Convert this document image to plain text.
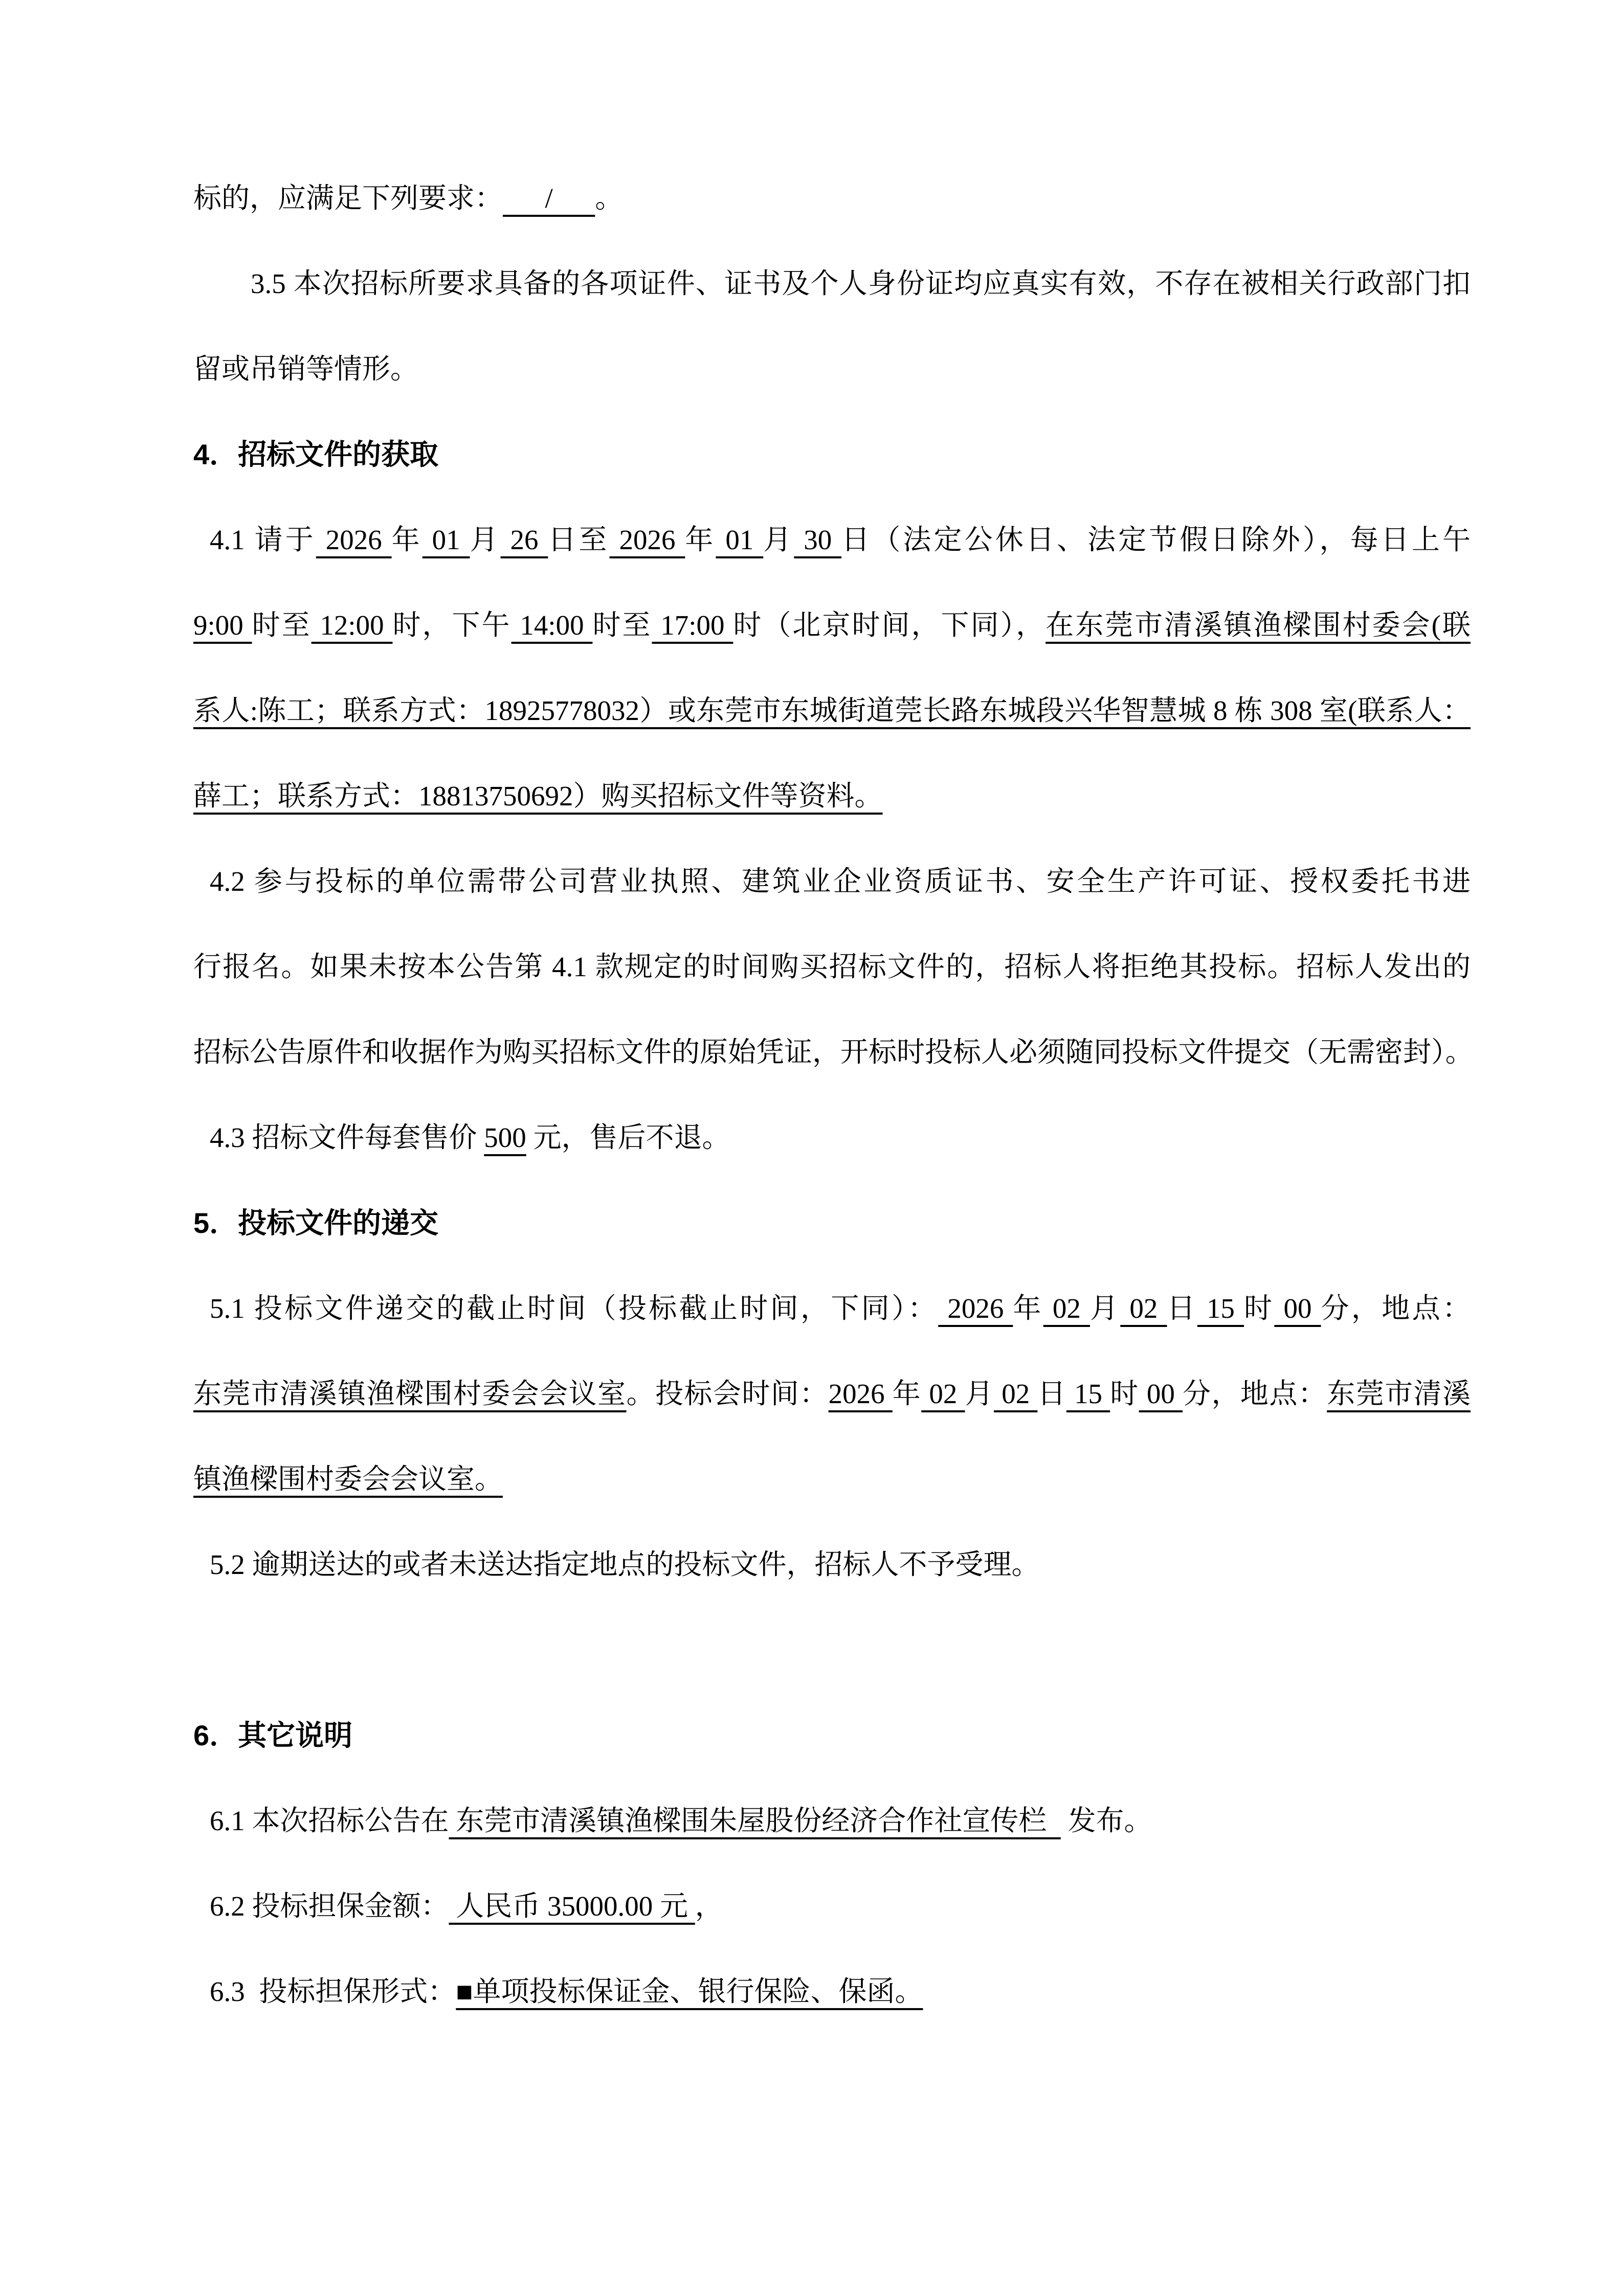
标的，应满足下列要求：      /      。
3.5 本次招标所要求具备的各项证件、证书及个人身份证均应真实有效，不存在被相关行政部门扣
留或吊销等情形。
4．招标文件的获取
4.1 请于 2026 年 01 月 26 日至 2026 年 01 月 30 日（法定公休日、法定节假日除外），每日上午
9:00 时至 12:00 时，下午 14:00 时至 17:00 时（北京时间，下同），在东莞市清溪镇渔樑围村委会(联
系人:陈工；联系方式：18925778032）或东莞市东城街道莞长路东城段兴华智慧城 8 栋 308 室(联系人：
薛工；联系方式：18813750692）购买招标文件等资料。
4.2 参与投标的单位需带公司营业执照、建筑业企业资质证书、安全生产许可证、授权委托书进
行报名。如果未按本公告第 4.1 款规定的时间购买招标文件的，招标人将拒绝其投标。招标人发出的
招标公告原件和收据作为购买招标文件的原始凭证，开标时投标人必须随同投标文件提交（无需密封）。
4.3 招标文件每套售价 500 元，售后不退。
5．投标文件的递交
5.1 投标文件递交的截止时间（投标截止时间，下同）： 2026 年 02 月 02 日 15 时 00 分，地点：
东莞市清溪镇渔樑围村委会会议室。投标会时间：2026 年 02 月 02 日 15 时 00 分，地点：东莞市清溪
镇渔樑围村委会会议室。
5.2 逾期送达的或者未送达指定地点的投标文件，招标人不予受理。
6．其它说明
6.1 本次招标公告在 东莞市清溪镇渔樑围朱屋股份经济合作社宣传栏   发布。
6.2 投标担保金额： 人民币 35000.00 元 ，
6.3  投标担保形式：■单项投标保证金、银行保险、保函。
